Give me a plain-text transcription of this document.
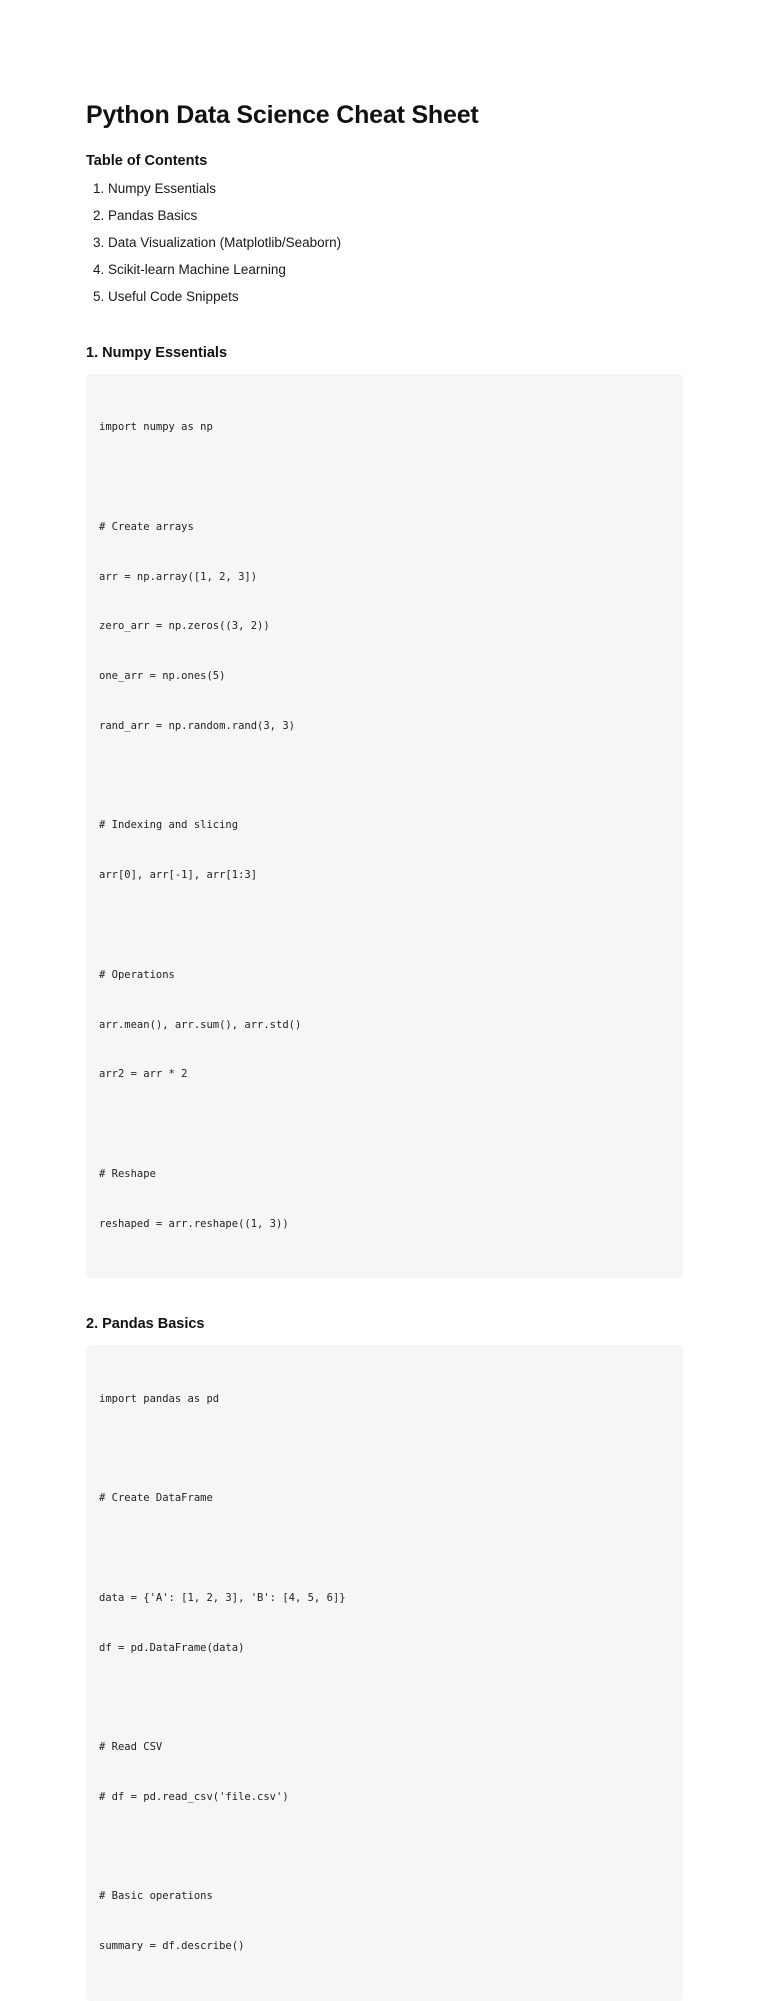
Python Data Science Cheat Sheet
Table of Contents
1. Numpy Essentials
2. Pandas Basics
3. Data Visualization (Matplotlib/Seaborn)
4. Scikit-learn Machine Learning
5. Useful Code Snippets
1. Numpy Essentials

import numpy as np

# Create arrays

arr = np.array([1, 2, 3])

zero_arr = np.zeros((3, 2))

one_arr = np.ones(5)

rand_arr = np.random.rand(3, 3)

# Indexing and slicing

arr[0], arr[-1], arr[1:3]

# Operations

arr.mean(), arr.sum(), arr.std()

arr2 = arr * 2

# Reshape

reshaped = arr.reshape((1, 3))

2. Pandas Basics

import pandas as pd

# Create DataFrame

data = {'A': [1, 2, 3], 'B': [4, 5, 6]}

df = pd.DataFrame(data)

# Read CSV

# df = pd.read_csv('file.csv')

# Basic operations

summary = df.describe()
